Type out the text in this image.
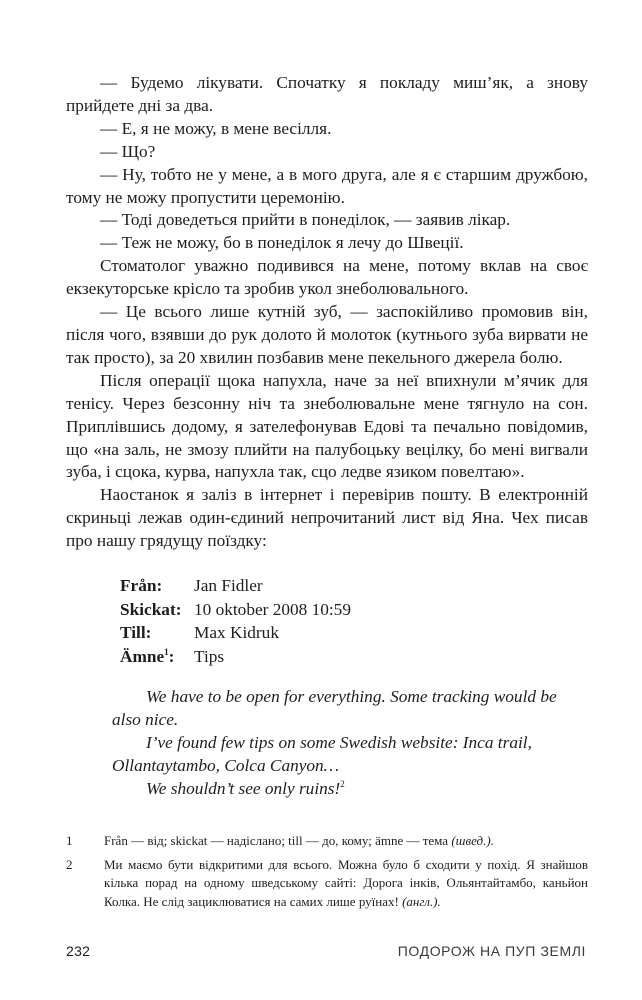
— Будемо лікувати. Спочатку я покладу миш’як, а знову прийдете дні за два.

— Е, я не можу, в мене весілля.

— Що?

— Ну, тобто не у мене, а в мого друга, але я є старшим дружбою, тому не можу пропустити церемонію.

— Тоді доведеться прийти в понеділок, — заявив лікар.

— Теж не можу, бо в понеділок я лечу до Швеції.

Стоматолог уважно подивився на мене, потому вклав на своє екзекуторське крісло та зробив укол знеболювального.

— Це всього лише кутній зуб, — заспокійливо промовив він, після чого, взявши до рук долото й молоток (кутнього зуба вирвати не так просто), за 20 хвилин позбавив мене пекельного джерела болю.

Після операції щока напухла, наче за неї впихнули м’ячик для тенісу. Через безсонну ніч та знеболювальне мене тягнуло на сон. Приплівшись додому, я зателефонував Едові та печально повідомив, що «на заль, не змозу плийти на палубоцьку вецілку, бо мені вигвали зуба, і сцока, курва, напухла так, сцо ледве язиком повелтаю».

Наостанок я заліз в інтернет і перевірив пошту. В електронній скриньці лежав один-єдиний непрочитаний лист від Яна. Чех писав про нашу грядущу поїздку:

Från:	Jan Fidler
Skickat: 10 oktober 2008 10:59
Till:	Max Kidruk
Ämne$^1$:	Tips

We have to be open for everything. Some tracking would be also nice.

I’ve found few tips on some Swedish website: Inca trail, Ollantaytambo, Colca Canyon…

We shouldn’t see only ruins!$^2$

1	Från — від; skickat — надіслано; till — до, кому; ämne — тема (швед.).
2	Ми маємо бути відкритими для всього. Можна було б сходити у похід. Я знайшов кілька порад на одному шведському сайті: Дорога інків, Ольянтайтамбо, каньйон Колка. Не слід зациклюватися на самих лише руїнах! (англ.).
232	ПОДОРОЖ НА ПУП ЗЕМЛІ
